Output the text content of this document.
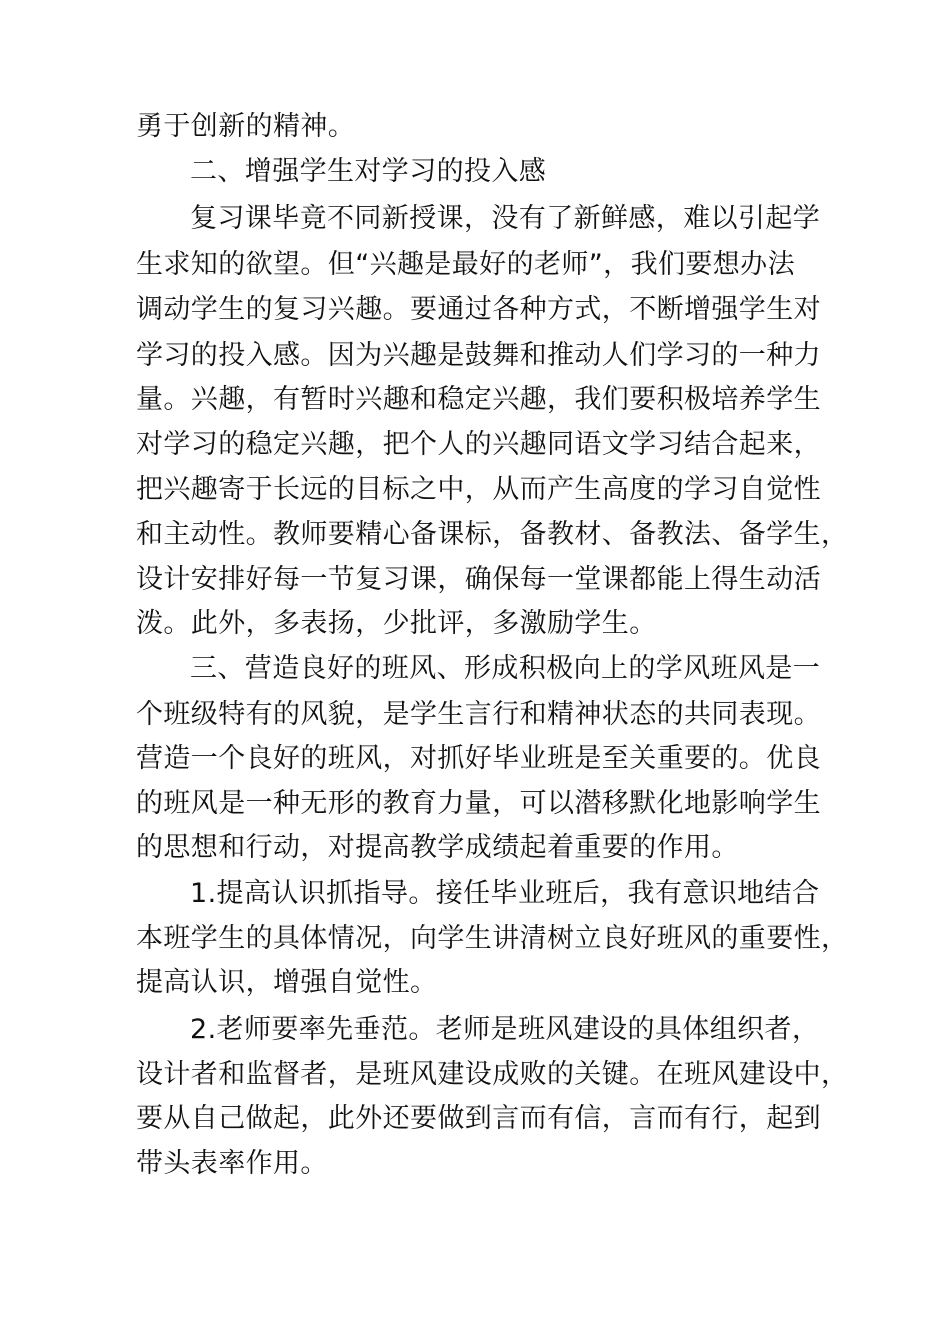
勇于创新的精神。
二、增强学生对学习的投入感
复习课毕竟不同新授课，没有了新鲜感，难以引起学
生求知的欲望。但“兴趣是最好的老师”，我们要想办法
调动学生的复习兴趣。要通过各种方式，不断增强学生对
学习的投入感。因为兴趣是鼓舞和推动人们学习的一种力
量。兴趣，有暂时兴趣和稳定兴趣，我们要积极培养学生
对学习的稳定兴趣，把个人的兴趣同语文学习结合起来，
把兴趣寄于长远的目标之中，从而产生高度的学习自觉性
和主动性。教师要精心备课标，备教材、备教法、备学生，
设计安排好每一节复习课，确保每一堂课都能上得生动活
泼。此外，多表扬，少批评，多激励学生。
三、营造良好的班风、形成积极向上的学风班风是一
个班级特有的风貌，是学生言行和精神状态的共同表现。
营造一个良好的班风，对抓好毕业班是至关重要的。优良
的班风是一种无形的教育力量，可以潜移默化地影响学生
的思想和行动，对提高教学成绩起着重要的作用。
1.提高认识抓指导。接任毕业班后，我有意识地结合
本班学生的具体情况，向学生讲清树立良好班风的重要性，
提高认识，增强自觉性。
2.老师要率先垂范。老师是班风建设的具体组织者，
设计者和监督者，是班风建设成败的关键。在班风建设中，
要从自己做起，此外还要做到言而有信，言而有行，起到
带头表率作用。
